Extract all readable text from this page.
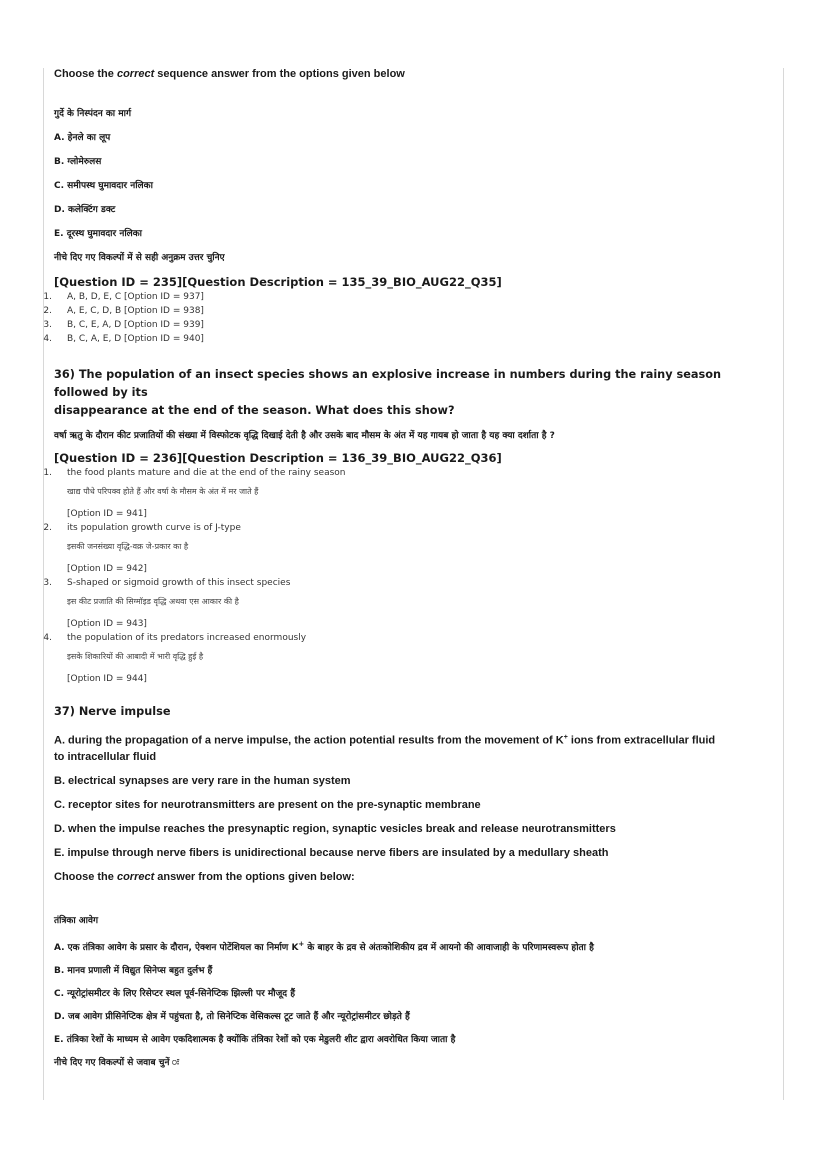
Choose the correct sequence answer from the options given below
गुर्दे के निस्पंदन का मार्ग
A. हेनले का लूप
B. ग्लोमेरुलस
C. समीपस्थ घुमावदार नलिका
D. कलेक्टिंग डक्ट
E. दूरस्थ घुमावदार नलिका
नीचे दिए गए विकल्पों में से सही अनुक्रम उत्तर चुनिए
[Question ID = 235][Question Description = 135_39_BIO_AUG22_Q35]
1. A, B, D, E, C [Option ID = 937]
2. A, E, C, D, B [Option ID = 938]
3. B, C, E, A, D [Option ID = 939]
4. B, C, A, E, D [Option ID = 940]
36) The population of an insect species shows an explosive increase in numbers during the rainy season followed by its
disappearance at the end of the season. What does this show?
वर्षा ऋतु के दौरान कीट प्रजातियों की संख्या में विस्फोटक वृद्धि दिखाई देती है और उसके बाद मौसम के अंत में यह गायब हो जाता है यह क्या दर्शाता है ?
[Question ID = 236][Question Description = 136_39_BIO_AUG22_Q36]
1. the food plants mature and die at the end of the rainy season
खाद्य पौधे परिपक्व होते हैं और वर्षा के मौसम के अंत में मर जाते हैं
[Option ID = 941]
2. its population growth curve is of J-type
इसकी जनसंख्या वृद्धि-वक्र जे-प्रकार का है
[Option ID = 942]
3. S-shaped or sigmoid growth of this insect species
इस कीट प्रजाति की सिग्मॉइड वृद्धि अथवा एस आकार की है
[Option ID = 943]
4. the population of its predators increased enormously
इसके शिकारियों की आबादी में भारी वृद्धि हुई है
[Option ID = 944]
37) Nerve impulse
A. during the propagation of a nerve impulse, the action potential results from the movement of K+ ions from extracellular fluid
to intracellular fluid
B. electrical synapses are very rare in the human system
C. receptor sites for neurotransmitters are present on the pre-synaptic membrane
D. when the impulse reaches the presynaptic region, synaptic vesicles break and release neurotransmitters
E. impulse through nerve fibers is unidirectional because nerve fibers are insulated by a medullary sheath
Choose the correct answer from the options given below:
तंत्रिका आवेग
A. एक तंत्रिका आवेग के प्रसार के दौरान, ऐक्शन पोटेंशियल का निर्माण K+ के बाहर के द्रव से अंतःकोशिकीय द्रव में आयनो की आवाजाही के परिणामस्वरूप होता है
B. मानव प्रणाली में विद्युत सिनेप्स बहुत दुर्लभ हैं
C. न्यूरोट्रांसमीटर के लिए रिसेप्टर स्थल पूर्व-सिनेप्टिक झिल्ली पर मौजूद हैं
D. जब आवेग प्रीसिनेप्टिक क्षेत्र में पहुंचता है, तो सिनेप्टिक वेसिकल्स टूट जाते हैं और न्यूरोट्रांसमीटर छोड़ते हैं
E. तंत्रिका रेशों के माध्यम से आवेग एकदिशात्मक है क्योंकि तंत्रिका रेशों को एक मेडुलरी शीट द्वारा अवरोधित किया जाता है
नीचे दिए गए विकल्पों से जवाब चुनें ः
